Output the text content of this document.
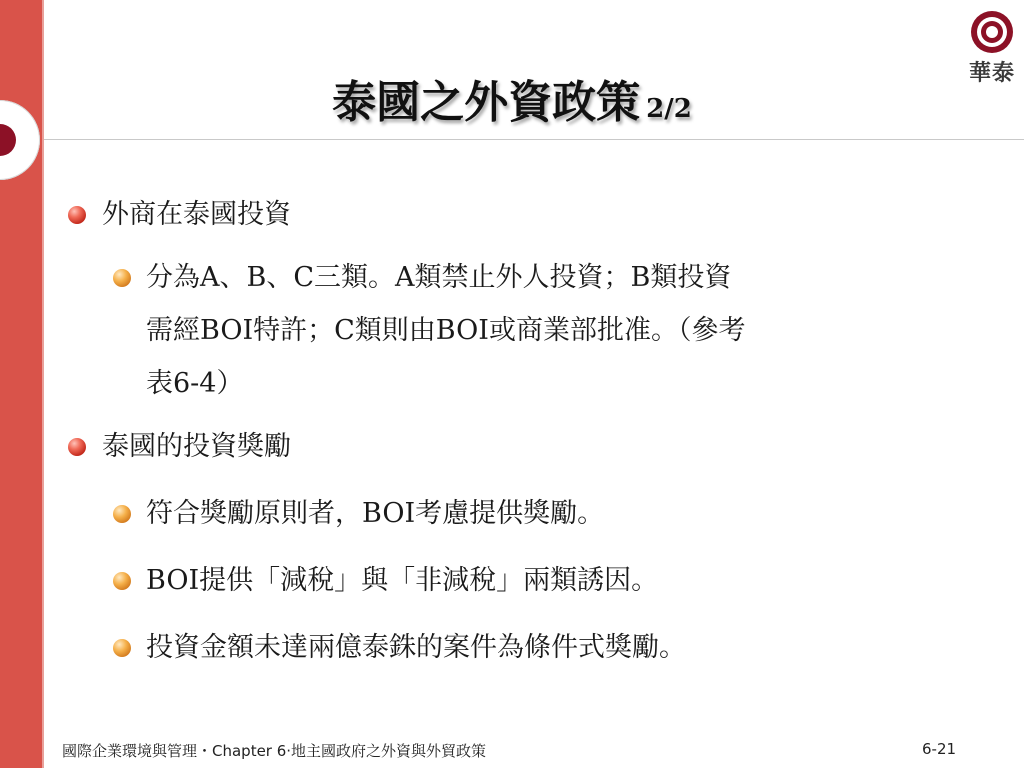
華泰
泰國之外資政策 2/2
外商在泰國投資
分為A、B、C三類。A類禁止外人投資；B類投資
需經BOI特許；C類則由BOI或商業部批准。（參考
表6-4）
泰國的投資獎勵
符合獎勵原則者，BOI考慮提供獎勵。
BOI提供「減稅」與「非減稅」兩類誘因。
投資金額未達兩億泰銖的案件為條件式獎勵。
國際企業環境與管理・Chapter 6‧地主國政府之外資與外貿政策	6-21
